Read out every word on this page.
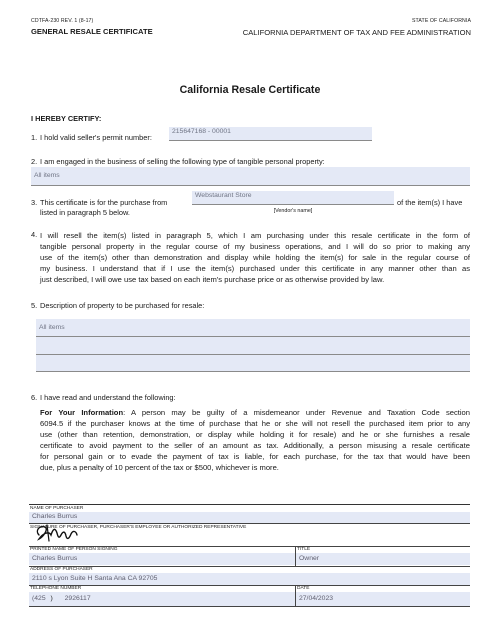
CDTFA-230 REV. 1 (8-17)
GENERAL RESALE CERTIFICATE
STATE OF CALIFORNIA
CALIFORNIA DEPARTMENT OF TAX AND FEE ADMINISTRATION
California Resale Certificate
I HEREBY CERTIFY:
1. I hold valid seller's permit number:
215647168 - 00001
2. I am engaged in the business of selling the following type of tangible personal property:
All items
3. This certificate is for the purchase from
Webstaurant Store
of the item(s) I have
listed in paragraph 5 below.	[Vendor's name]
4. I will resell the item(s) listed in paragraph 5, which I am purchasing under this resale certificate in the form of
tangible personal property in the regular course of my business operations, and I will do so prior to making any
use of the item(s) other than demonstration and display while holding the item(s) for sale in the regular course of
my business. I understand that if I use the item(s) purchased under this certificate in any manner other than as
just described, I will owe use tax based on each item's purchase price or as otherwise provided by law.
5. Description of property to be purchased for resale:
All items
6. I have read and understand the following:
For Your Information: A person may be guilty of a misdemeanor under Revenue and Taxation Code section
6094.5 if the purchaser knows at the time of purchase that he or she will not resell the purchased item prior to any
use (other than retention, demonstration, or display while holding it for resale) and he or she furnishes a resale
certificate to avoid payment to the seller of an amount as tax. Additionally, a person misusing a resale certificate
for personal gain or to evade the payment of tax is liable, for each purchase, for the tax that would have been
due, plus a penalty of 10 percent of the tax or $500, whichever is more.
NAME OF PURCHASER
Charles Burrus
SIGNATURE OF PURCHASER, PURCHASER'S EMPLOYEE OR AUTHORIZED REPRESENTATIVE
PRINTED NAME OF PERSON SIGNING
Charles Burrus
TITLE
Owner
ADDRESS OF PURCHASER
2110 s Lyon Suite H Santa Ana CA 92705
TELEPHONE NUMBER
(425 ) 2926117
DATE
27/04/2023
